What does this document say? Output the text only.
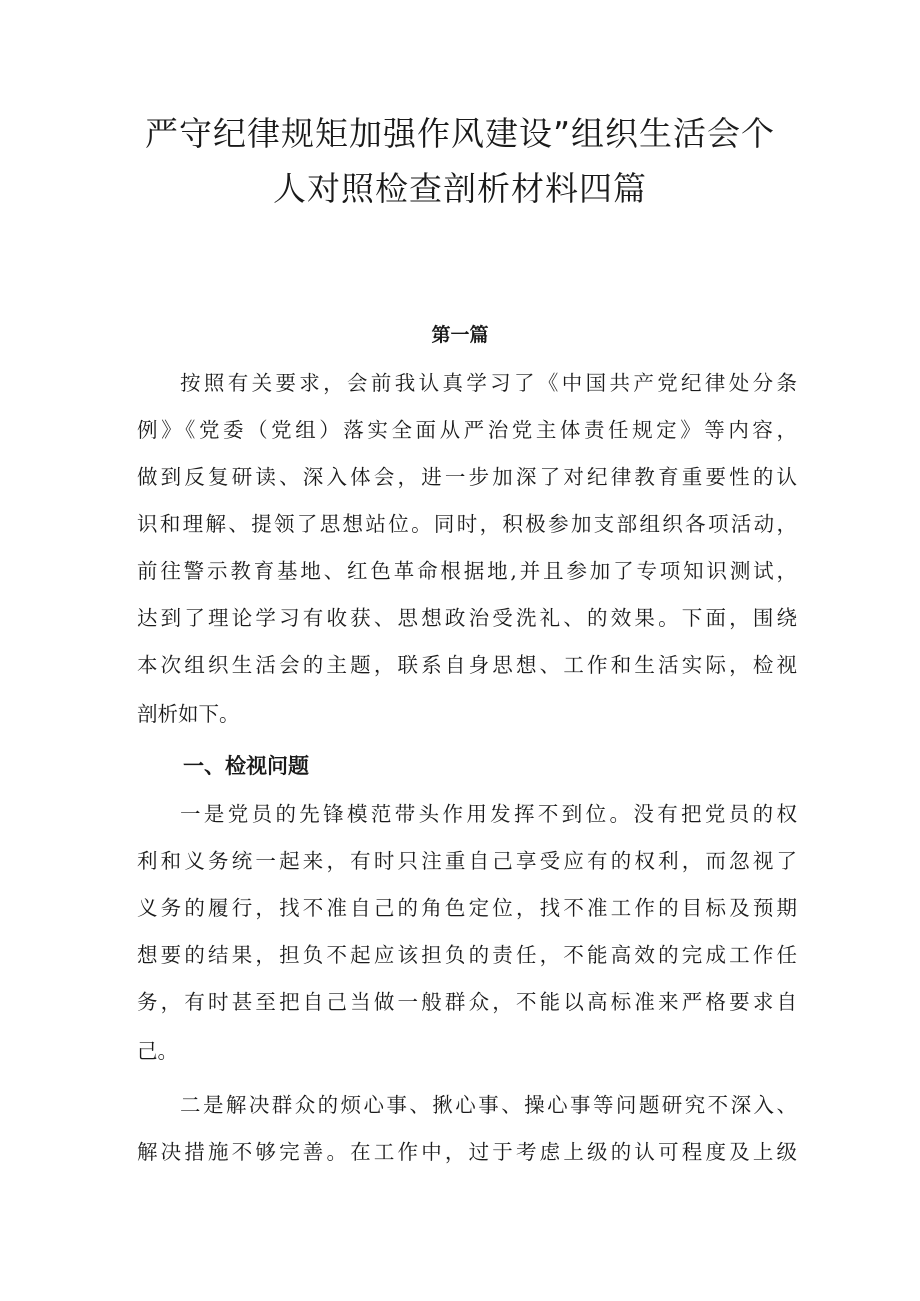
严守纪律规矩加强作风建设”组织生活会个
人对照检查剖析材料四篇
第一篇

按照有关要求，会前我认真学习了《中国共产党纪律处分条

例》《党委（党组）落实全面从严治党主体责任规定》等内容，

做到反复研读、深入体会，进一步加深了对纪律教育重要性的认

识和理解、提领了思想站位。同时，积极参加支部组织各项活动，

前往警示教育基地、红色革命根据地,并且参加了专项知识测试，

达到了理论学习有收获、思想政治受洗礼、的效果。下面，围绕

本次组织生活会的主题，联系自身思想、工作和生活实际，检视

剖析如下。

一、检视问题

一是党员的先锋模范带头作用发挥不到位。没有把党员的权

利和义务统一起来，有时只注重自己享受应有的权利，而忽视了

义务的履行，找不准自己的角色定位，找不准工作的目标及预期

想要的结果，担负不起应该担负的责任，不能高效的完成工作任

务，有时甚至把自己当做一般群众，不能以高标准来严格要求自

己。

二是解决群众的烦心事、揪心事、操心事等问题研究不深入、

解决措施不够完善。在工作中，过于考虑上级的认可程度及上级
